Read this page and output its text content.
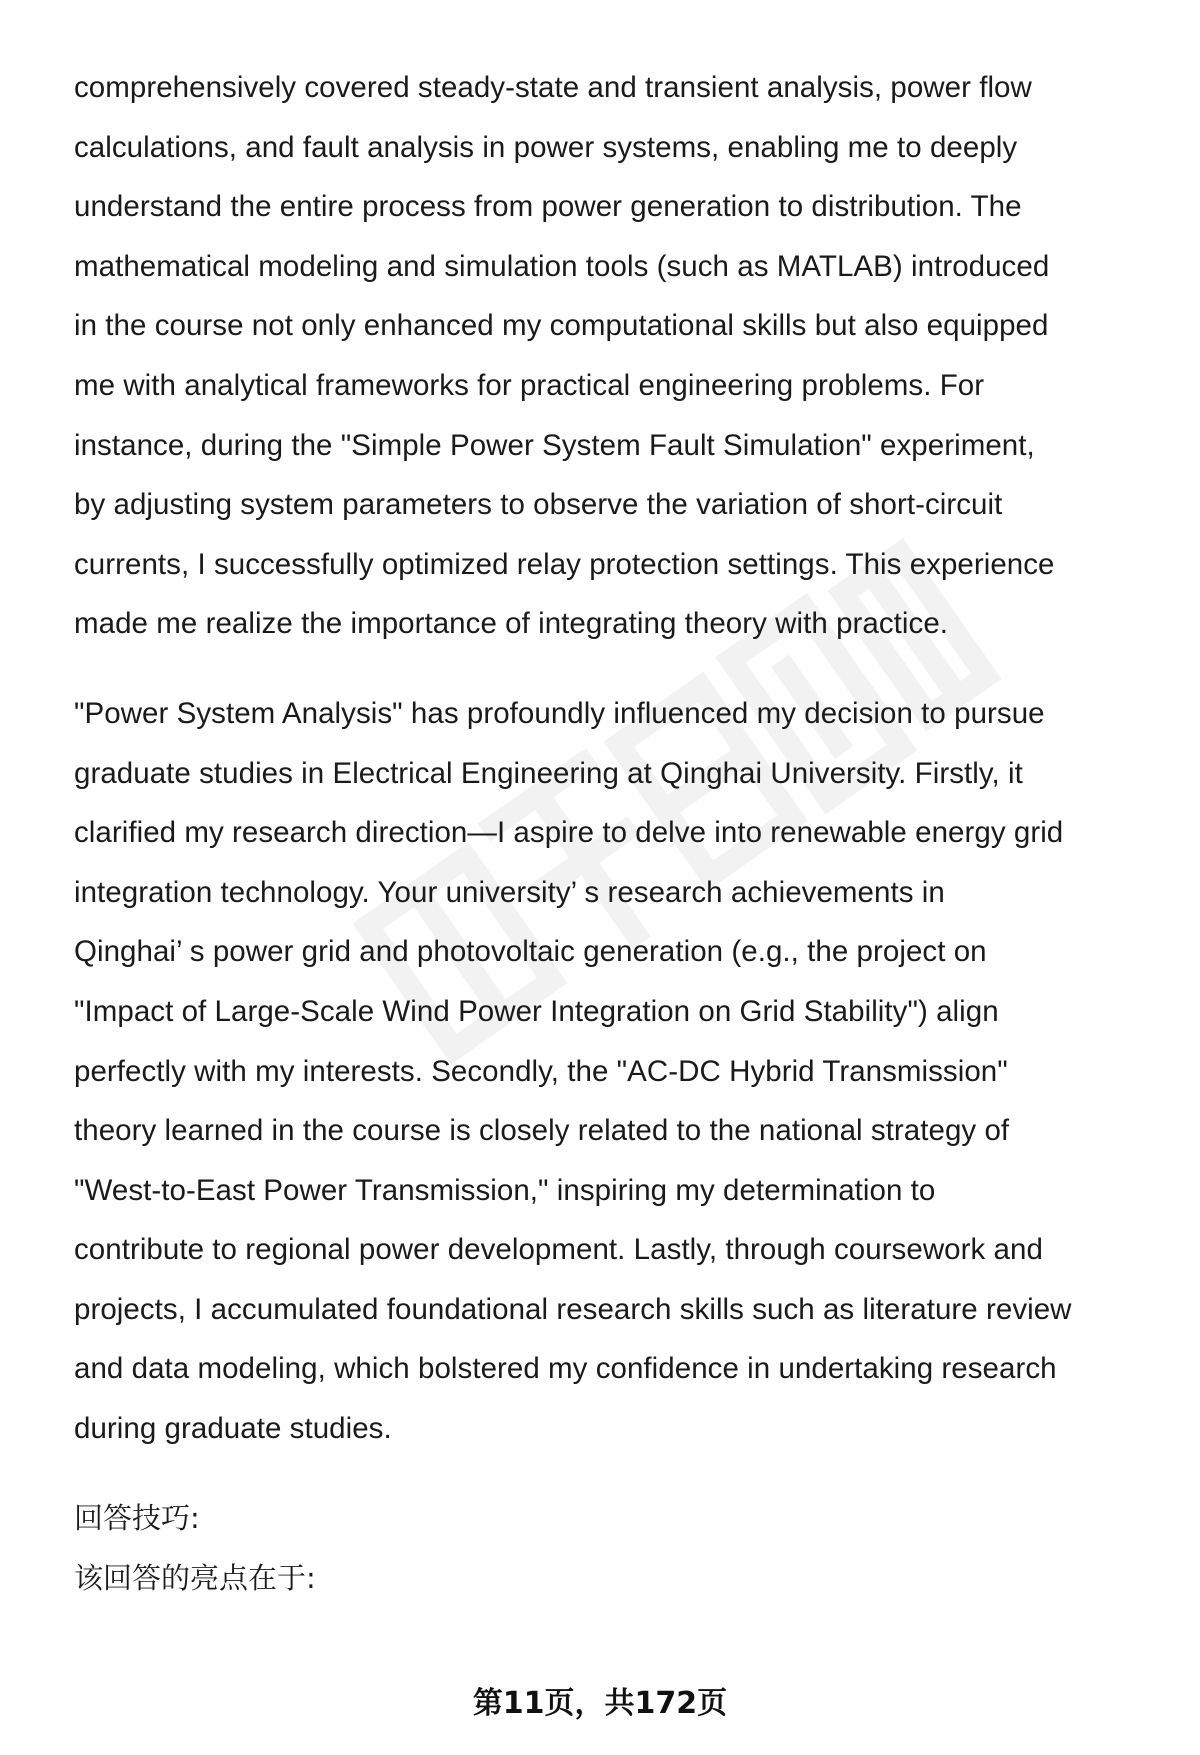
comprehensively covered steady-state and transient analysis, power flow
calculations, and fault analysis in power systems, enabling me to deeply
understand the entire process from power generation to distribution. The
mathematical modeling and simulation tools (such as MATLAB) introduced
in the course not only enhanced my computational skills but also equipped
me with analytical frameworks for practical engineering problems. For
instance, during the "Simple Power System Fault Simulation" experiment,
by adjusting system parameters to observe the variation of short-circuit
currents, I successfully optimized relay protection settings. This experience
made me realize the importance of integrating theory with practice.

"Power System Analysis" has profoundly influenced my decision to pursue
graduate studies in Electrical Engineering at Qinghai University. Firstly, it
clarified my research direction—I aspire to delve into renewable energy grid
integration technology. Your university’ s research achievements in
Qinghai’ s power grid and photovoltaic generation (e.g., the project on
"Impact of Large-Scale Wind Power Integration on Grid Stability") align
perfectly with my interests. Secondly, the "AC-DC Hybrid Transmission"
theory learned in the course is closely related to the national strategy of
"West-to-East Power Transmission," inspiring my determination to
contribute to regional power development. Lastly, through coursework and
projects, I accumulated foundational research skills such as literature review
and data modeling, which bolstered my confidence in undertaking research
during graduate studies.

回答技巧:
该回答的亮点在于:
第11页，共172页
